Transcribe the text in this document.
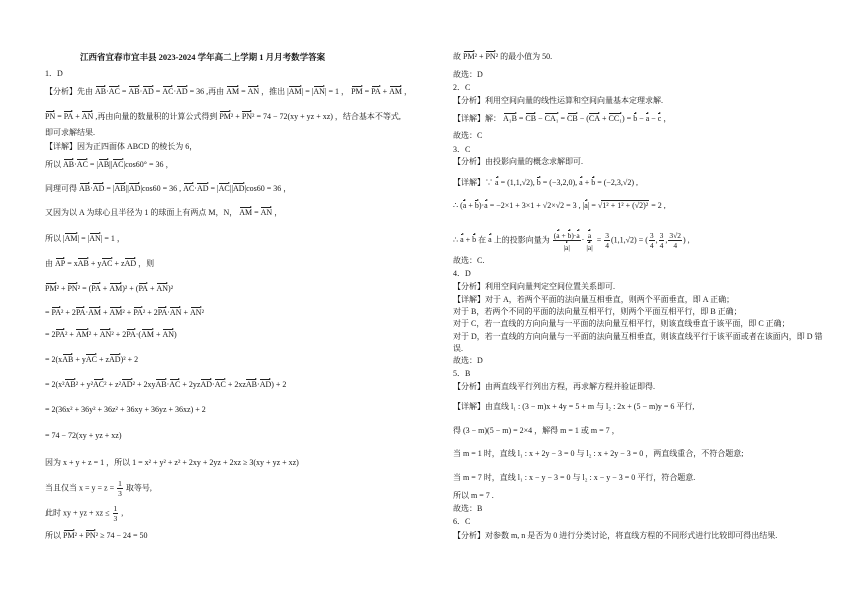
江西省宜春市宜丰县 2023-2024 学年高二上学期 1 月月考数学答案
1．D
【分析】先由 AB·AC = AB·AD = AC·AD = 36 ,再由 AM = AN ，推出 |AM| = |AN| = 1 ， PM = PA + AM ，
PN = PA + AN ,再由向量的数量积的计算公式得到 PM² + PN² = 74 − 72(xy + yz + xz) ，结合基本不等式,
即可求解结果.
【详解】因为正四面体 ABCD 的棱长为 6，
所以 AB·AC = |AB||AC|cos60° = 36 ，
同理可得 AB·AD = |AB||AD|cos60 = 36 , AC·AD = |AC||AD|cos60 = 36 ，
又因为以 A 为球心且半径为 1 的球面上有两点 M，N， AM = AN ，
所以 |AM| = |AN| = 1 ，
由 AP = xAB + yAC + zAD ，则
PM² + PN² = (PA + AM)² + (PA + AN)²
= PA² + 2PA·AM + AM² + PA² + 2PA·AN + AN²
= 2PA² + AM² + AN² + 2PA·(AM + AN)
= 2(xAB + yAC + zAD)² + 2
= 2(x²AB² + y²AC² + z²AD² + 2xyAB·AC + 2yzAD·AC + 2xzAB·AD) + 2
= 2(36x² + 36y² + 36z² + 36xy + 36yz + 36xz) + 2
= 74 − 72(xy + yz + xz)
因为 x + y + z = 1 ，所以 1 = x² + y² + z² + 2xy + 2yz + 2xz ≥ 3(xy + yz + xz)
当且仅当 $x = y = z = \frac{1}{3}$ 取等号,
此时 xy + yz + xz ≤ $\frac{1}{3}$ ,
所以 PM² + PN² ≥ 74 − 24 = 50
故 PM² + PN² 的最小值为 50.
故选：D
2．C
【分析】利用空间向量的线性运算和空间向量基本定理求解.
【详解】解： A₁B = CB − CA₁ = CB − (CA + CC₁) = b − a − c ，
故选：C
3．C
【分析】由投影向量的概念求解即可.
【详解】∵ a = (1,1,√2), b = (−3,2,0), a + b = (−2,3,√2) ,
∴ (a + b)·a = −2×1 + 3×1 + √2×√2 = 3 , |a| = √1² + 1² + (√2)² = 2 ,
∴ a + b 在 a 上的投影向量为 $\frac{(a + b)\cdot a}{|a|} \cdot \frac{a}{|a|} = \frac{3}{4} (1,1,√2)$ = ( $\frac{3}{4}$ , $\frac{3}{4}$ , $\frac{3√2}{4}$ ) ,
故选：C.
4．D
【分析】利用空间向量判定空间位置关系即可.
【详解】对于 A，若两个平面的法向量互相垂直，则两个平面垂直，即 A 正确；
对于 B，若两个不同的平面的法向量互相平行，则两个平面互相平行，即 B 正确；
对于 C，若一直线的方向向量与一平面的法向量互相平行，则该直线垂直于该平面，即 C 正确；
对于 D，若一直线的方向向量与一平面的法向量互相垂直，则该直线平行于该平面或者在该面内，即 D 错
误.
故选：D
5．B
【分析】由两直线平行列出方程，再求解方程并验证即得.
【详解】由直线 l₁ : (3 − m)x + 4y = 5 + m 与 l₂ : 2x + (5 − m)y = 6 平行,
得 (3 − m)(5 − m) = 2×4 ，解得 m = 1 或 m = 7 ，
当 m = 1 时，直线 l₁ : x + 2y − 3 = 0 与 l₂ : x + 2y − 3 = 0 ，两直线重合，不符合题意;
当 m = 7 时，直线 l₁ : x − y − 3 = 0 与 l₂ : x − y − 3 = 0 平行，符合题意.
所以 m = 7 .
故选：B
6．C
【分析】对参数 m, n 是否为 0 进行分类讨论，将直线方程的不同形式进行比较即可得出结果.
